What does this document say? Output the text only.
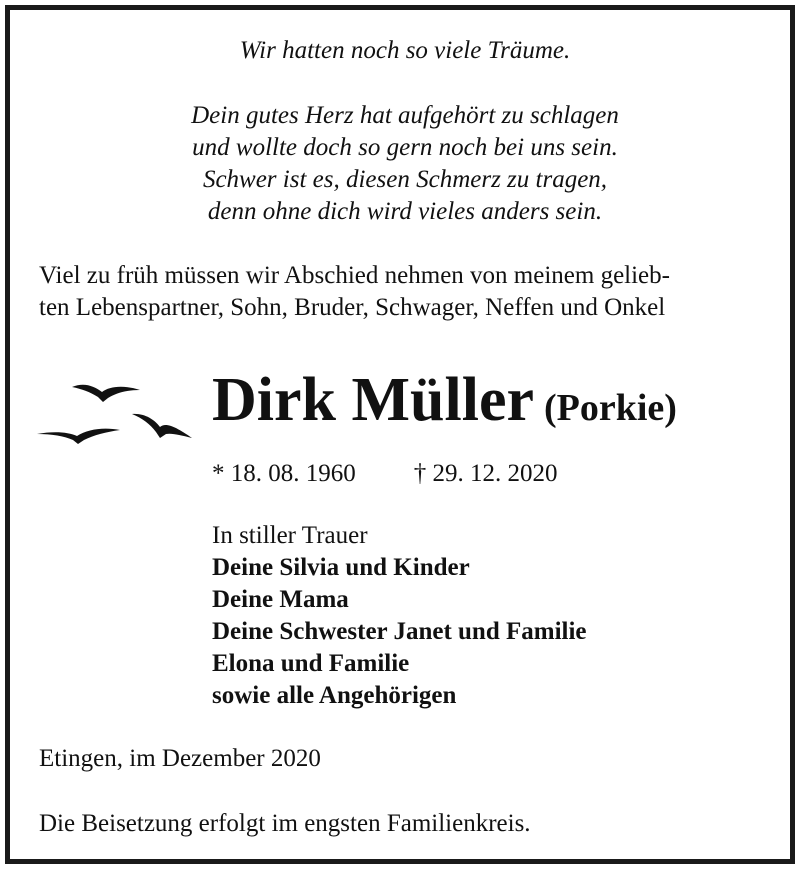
Wir hatten noch so viele Träume.
Dein gutes Herz hat aufgehört zu schlagen
und wollte doch so gern noch bei uns sein.
Schwer ist es, diesen Schmerz zu tragen,
denn ohne dich wird vieles anders sein.
Viel zu früh müssen wir Abschied nehmen von meinem gelieb-
ten Lebenspartner, Sohn, Bruder, Schwager, Neffen und Onkel
Dirk Müller (Porkie)
* 18. 08. 1960 † 29. 12. 2020
In stiller Trauer
Deine Silvia und Kinder
Deine Mama
Deine Schwester Janet und Familie
Elona und Familie
sowie alle Angehörigen
Etingen, im Dezember 2020
Die Beisetzung erfolgt im engsten Familienkreis.
